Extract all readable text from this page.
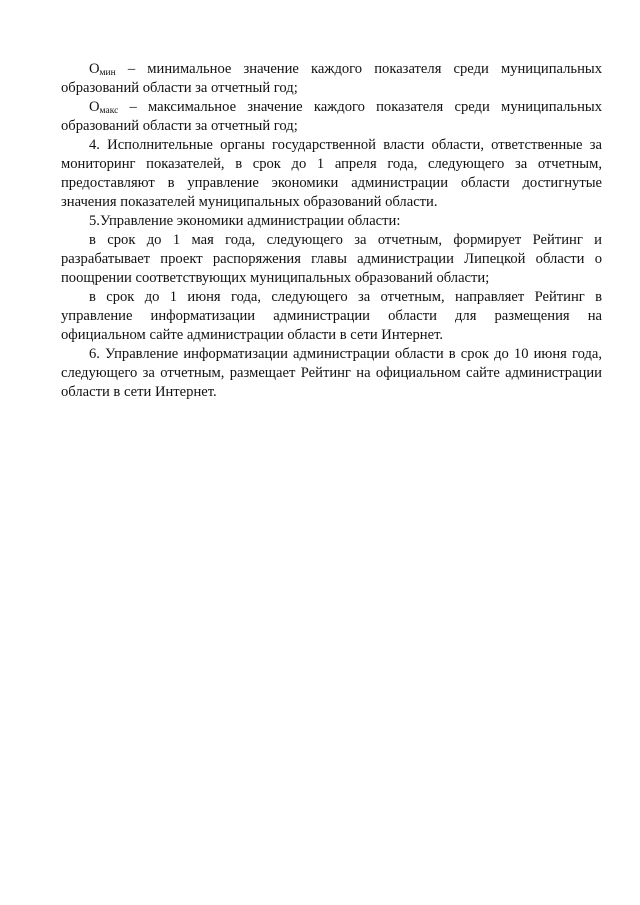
$О_{мин}$ – минимальное значение каждого показателя среди муниципальных образований области за отчетный год;

$О_{макс}$ – максимальное значение каждого показателя среди муниципальных образований области за отчетный год;

4. Исполнительные органы государственной власти области, ответственные за мониторинг показателей, в срок до 1 апреля года, следующего за отчетным, предоставляют в управление экономики администрации области достигнутые значения показателей муниципальных образований области.

5.Управление экономики администрации области:

в срок до 1 мая года, следующего за отчетным, формирует Рейтинг и разрабатывает проект распоряжения главы администрации Липецкой области о поощрении соответствующих муниципальных образований области;

в срок до 1 июня года, следующего за отчетным, направляет Рейтинг в управление информатизации администрации области для размещения на официальном сайте администрации области в сети Интернет.

6. Управление информатизации администрации области в срок до 10 июня года, следующего за отчетным, размещает Рейтинг на официальном сайте администрации области в сети Интернет.
